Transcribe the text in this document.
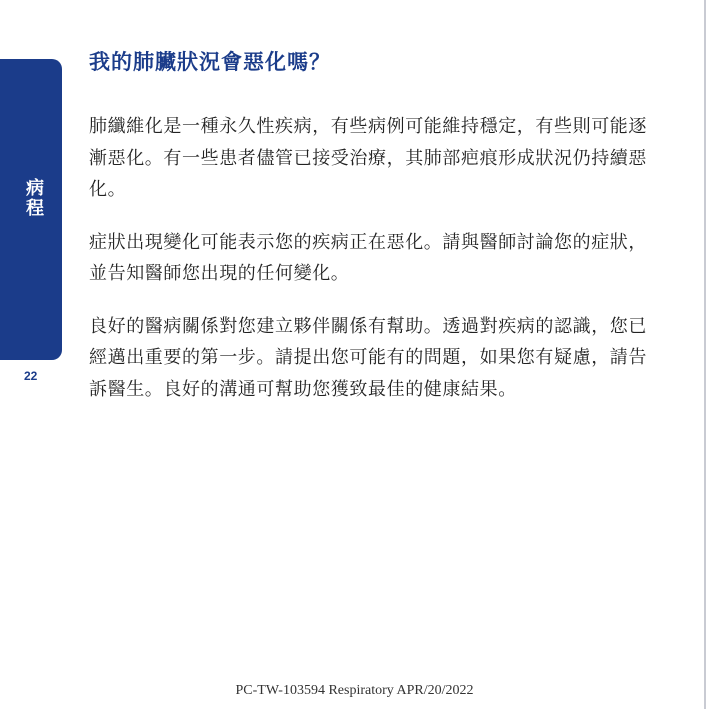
病程
22
我的肺臟狀況會惡化嗎？

肺纖維化是一種永久性疾病，有些病例可能維持穩定，有些則可能逐漸惡化。有一些患者儘管已接受治療，其肺部疤痕形成狀況仍持續惡化。

症狀出現變化可能表示您的疾病正在惡化。請與醫師討論您的症狀，並告知醫師您出現的任何變化。

良好的醫病關係對您建立夥伴關係有幫助。透過對疾病的認識，您已經邁出重要的第一步。請提出您可能有的問題，如果您有疑慮，請告訴醫生。良好的溝通可幫助您獲致最佳的健康結果。

PC-TW-103594 Respiratory APR/20/2022
